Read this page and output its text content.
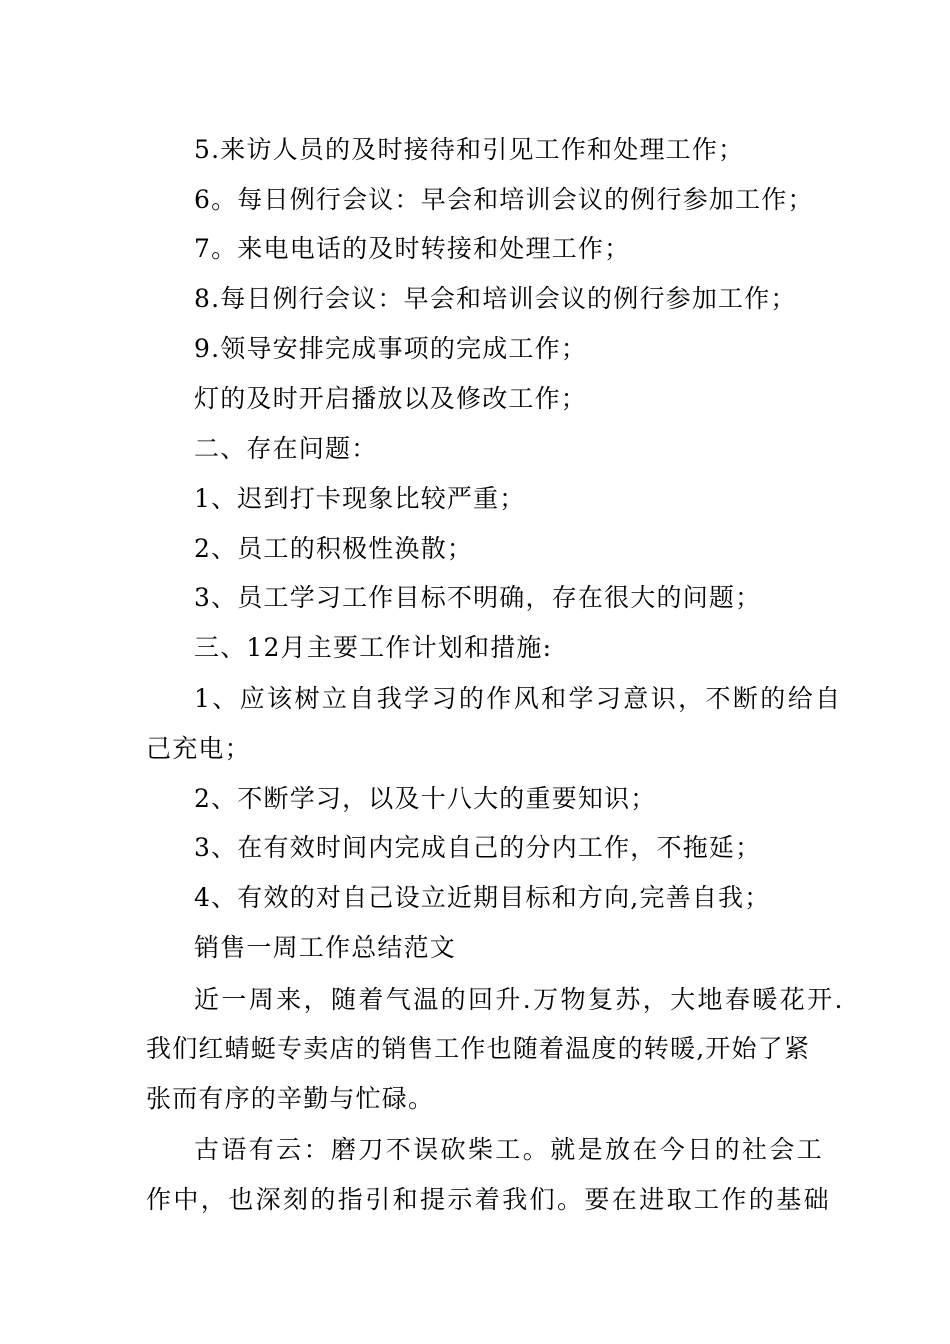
5.来访人员的及时接待和引见工作和处理工作；
6。每日例行会议：早会和培训会议的例行参加工作；
7。来电电话的及时转接和处理工作；
8.每日例行会议：早会和培训会议的例行参加工作；
9.领导安排完成事项的完成工作；
灯的及时开启播放以及修改工作；
二、存在问题：
1、迟到打卡现象比较严重；
2、员工的积极性涣散；
3、员工学习工作目标不明确，存在很大的问题；
三、12月主要工作计划和措施:
1、应该树立自我学习的作风和学习意识，不断的给自
己充电；
2、不断学习，以及十八大的重要知识；
3、在有效时间内完成自己的分内工作，不拖延；
4、有效的对自己设立近期目标和方向,完善自我；
销售一周工作总结范文
近一周来，随着气温的回升.万物复苏，大地春暖花开.
我们红蜻蜓专卖店的销售工作也随着温度的转暖,开始了紧
张而有序的辛勤与忙碌。
古语有云：磨刀不误砍柴工。就是放在今日的社会工
作中，也深刻的指引和提示着我们。要在进取工作的基础
